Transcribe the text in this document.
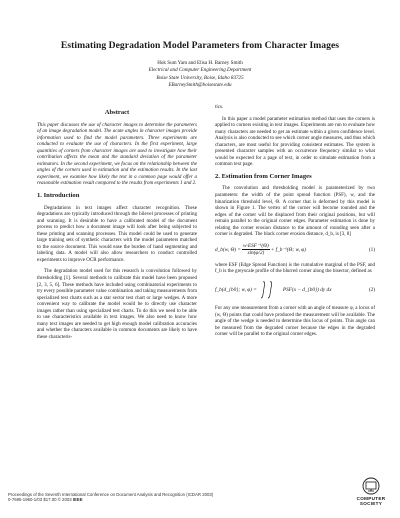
Estimating Degradation Model Parameters from Character Images
Hok Sum Yam and Elisa H. Barney Smith
Electrical and Computer Engineering Department
Boise State University, Boise, Idaho 83725
EBarneySmith@boisestate.edu
Abstract

This paper discusses the use of character images to determine the parameters of an image degradation model. The acute angles in character images provide information used to find the model parameters. Three experiments are conducted to evaluate the use of characters. In the first experiment, large quantities of corners from character images are used to investigate how their contribution affects the mean and the standard deviation of the parameter estimators. In the second experiment, we focus on the relationship between the angles of the corners used in estimation and the estimation results. In the last experiment, we examine how likely the text in a common page would offer a reasonable estimation result compared to the results from experiments 1 and 2.

1. Introduction

Degradations in text images affect character recognition. These degradations are typically introduced through the bilevel processes of printing and scanning. It is desirable to have a calibrated model of the document process to predict how a document image will look after being subjected to these printing and scanning processes. This model could be used to generate large training sets of synthetic characters with the model parameters matched to the source document. This would ease the burden of hand segmenting and labeling data. A model will also allow researchers to conduct controlled experiments to improve OCR performance.

The degradation model used for this research is convolution followed by thresholding [1]. Several methods to calibrate this model have been proposed [2, 3, 5, 6]. These methods have included using combinatorial experiments to try every possible parameter value combination and taking measurements from specialized test charts such as a star sector test chart or large wedges. A more convenient way to calibrate the model would be to directly use character images rather than using specialized test charts. To do this we need to be able to use characteristics available in text images. We also need to know how many text images are needed to get high enough model calibration accuracies and whether the characters available in common documents are likely to have these characteris-

tics.

In this paper a model parameter estimation method that uses the corners is applied to corners existing in text images. Experiments are run to evaluate how many characters are needed to get an estimate within a given confidence level. Analysis is also conducted to see which corner angle measures, and thus which characters, are most useful for providing consistent estimates. The system is presented character samples with an occurrence frequency similar to what would be expected for a page of text, in order to simulate estimation from a common text page.

2. Estimation from Corner Images

The convolution and thresholding model is parameterized by two parameters: the width of the point spread function (PSF), w, and the binarization threshold level, Θ. A corner that is deformed by this model is shown in Figure 1. The vertex of the corner will become rounded and the edges of the corner will be displaced from their original positions, but will remain parallel to the original corner edges. Parameter estimation is done by relating the corner erosion distance to the amount of rounding seen after a corner is degraded. The black corner erosion distance, d_b, is [3, 8]

d_b(w, Θ) =
w·ESF⁻¹(Θ)
sin(φ/2)
+ f_b⁻¹(Θ; w, φ)	(1)

where ESF (Edge Spread Function) is the cumulative marginal of the PSF, and f_b is the greyscale profile of the blurred corner along the bisector, defined as

f_b(d_{b0}; w, φ) =	PSF(x − d_{b0}) dy dx	(2)

For any one measurement from a corner with an angle of measure φ, a locus of (w, Θ) points that could have produced the measurement will be available. The angle of the wedge is needed to determine this locus of points. This angle can be measured from the degraded corner because the edges in the degraded corner will be parallel to the original corner edges.

Proceedings of the Seventh International Conference on Document Analysis and Recognition (ICDAR 2003)
0-7695-1960-1/03 $17.00 © 2003 IEEE	COMPUTER
SOCIETY
